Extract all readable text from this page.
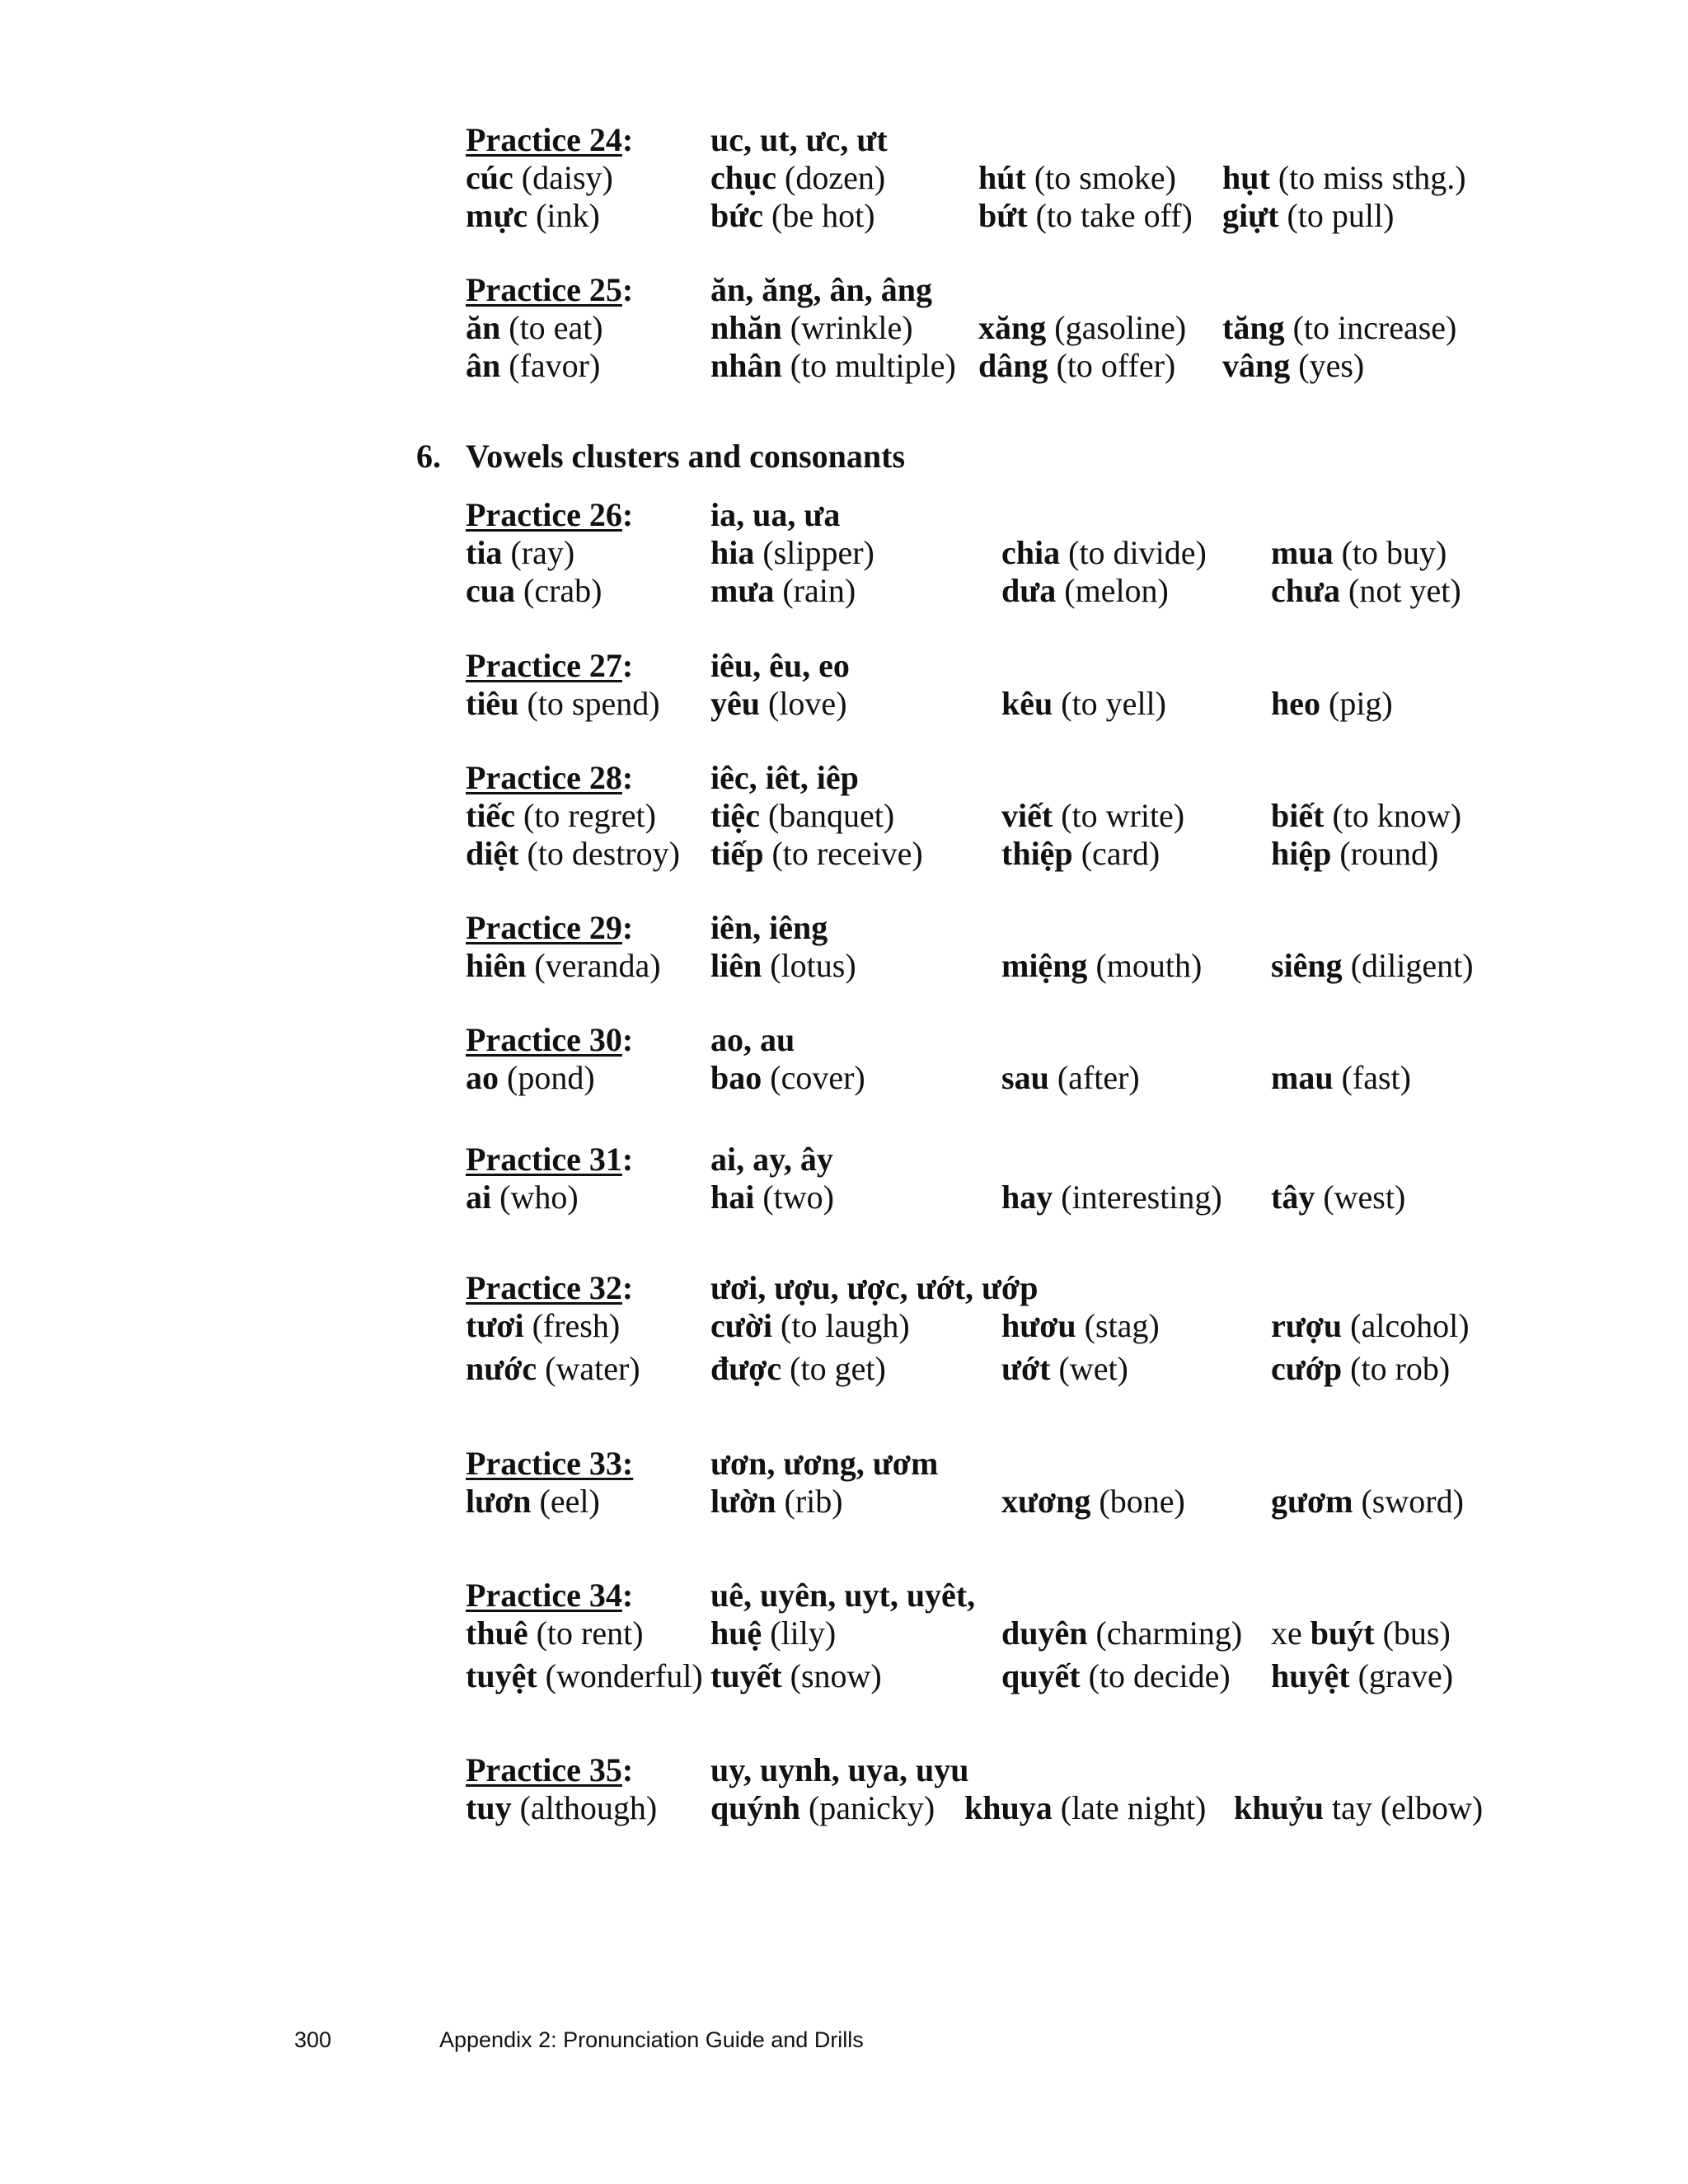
6. Vowels clusters and consonants
Practice 24: uc, ut, ưc, ưt
cúc (daisy)	chục (dozen)	hút (to smoke) hụt (to miss sthg.)
mực (ink)	bức (be hot)	bứt (to take off) giựt (to pull)
Practice 25: ăn, ăng, ân, âng
ăn (to eat)	nhăn (wrinkle) xăng (gasoline) tăng (to increase)
ân (favor)	nhân (to multiple) dâng (to offer) vâng (yes)
Practice 26: ia, ua, ưa
tia (ray)	hia (slipper)	chia (to divide) mua (to buy)
cua (crab)	mưa (rain)	dưa (melon)	chưa (not yet)
Practice 27: iêu, êu, eo
tiêu (to spend) yêu (love)	kêu (to yell)	heo (pig)
Practice 28: iêc, iêt, iêp
tiếc (to regret) tiệc (banquet)	viết (to write)	biết (to know)
diệt (to destroy) tiếp (to receive) thiệp (card)	hiệp (round)
Practice 29: iên, iêng
hiên (veranda) liên (lotus)	miệng (mouth) siêng (diligent)
Practice 30: ao, au
ao (pond)	bao (cover)	sau (after)	mau (fast)
Practice 31: ai, ay, ây
ai (who)	hai (two)	hay (interesting) tây (west)
Practice 32: ươi, ượu, ược, ướt, ướp
tươi (fresh)	cười (to laugh)	hươu (stag)	rượu (alcohol)
nước (water) được (to get)	ướt (wet)	cướp (to rob)
Practice 33: ươn, ương, ươm
lươn (eel)	lườn (rib)	xương (bone)	gươm (sword)
Practice 34: uê, uyên, uyt, uyêt,
thuê (to rent) huệ (lily)	duyên (charming) xe buýt (bus)
tuyệt (wonderful) tuyết (snow)	quyết (to decide) huyệt (grave)
Practice 35: uy, uynh, uya, uyu
tuy (although) quýnh (panicky) khuya (late night) khuỷu tay (elbow)
300	Appendix 2: Pronunciation Guide and Drills
